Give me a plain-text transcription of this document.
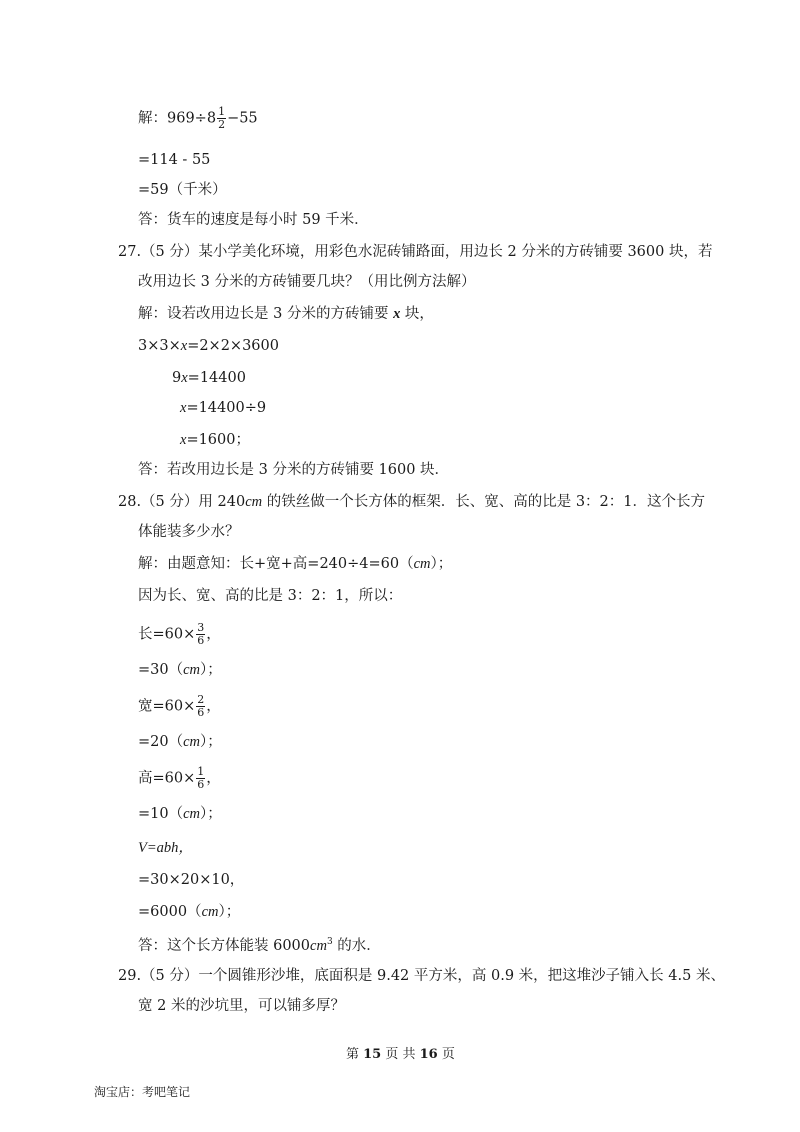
解：$969\div 8 \frac{1}{2} -55$
=114 - 55
=59（千米）
答：货车的速度是每小时 59 千米．
27.（5 分）某小学美化环境，用彩色水泥砖铺路面，用边长 2 分米的方砖铺要 3600 块，若
改用边长 3 分米的方砖铺要几块？（用比例方法解）
解：设若改用边长是 3 分米的方砖铺要 x 块，
3×3×x=2×2×3600
9x=14400
x=14400÷9
x=1600；
答：若改用边长是 3 分米的方砖铺要 1600 块．
28.（5 分）用 240cm 的铁丝做一个长方体的框架．长、宽、高的比是 3：2：1．这个长方
体能装多少水？
解：由题意知：长+宽+高=240÷4=60（cm）；
因为长、宽、高的比是 3：2：1，所以：
长$=60\times \frac{3}{6}$ ，
=30（cm）；
宽$=60\times \frac{2}{6}$ ，
=20（cm）；
高$=60\times \frac{1}{6}$ ，
=10（cm）；
V=abh，
=30×20×10，
=6000（cm）；
答：这个长方体能装 $6000cm^3$ 的水．
29.（5 分）一个圆锥形沙堆，底面积是 9.42 平方米，高 0.9 米，把这堆沙子铺入长 4.5 米、
宽 2 米的沙坑里，可以铺多厚？
第 15 页 共 16 页
淘宝店：考吧笔记
